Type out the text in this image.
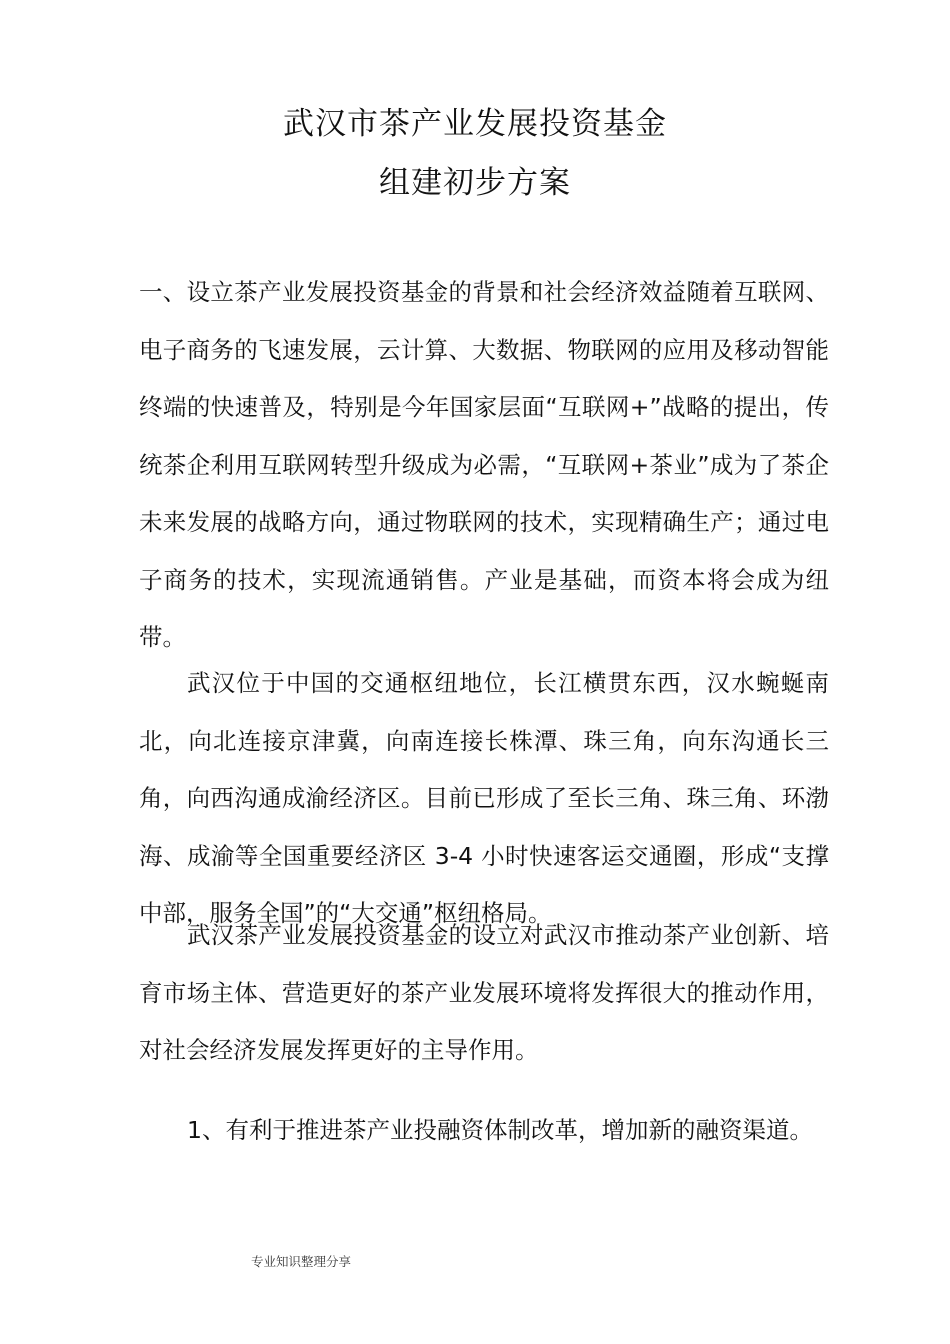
武汉市茶产业发展投资基金
组建初步方案

一、设立茶产业发展投资基金的背景和社会经济效益随着互联网、电子商务的飞速发展，云计算、大数据、物联网的应用及移动智能终端的快速普及，特别是今年国家层面“互联网+”战略的提出，传统茶企利用互联网转型升级成为必需，“互联网+茶业”成为了茶企未来发展的战略方向，通过物联网的技术，实现精确生产；通过电子商务的技术，实现流通销售。产业是基础，而资本将会成为纽带。

武汉位于中国的交通枢纽地位，长江横贯东西，汉水蜿蜒南北，向北连接京津冀，向南连接长株潭、珠三角，向东沟通长三角，向西沟通成渝经济区。目前已形成了至长三角、珠三角、环渤海、成渝等全国重要经济区 3-4 小时快速客运交通圈，形成“支撑中部，服务全国”的“大交通”枢纽格局。

武汉茶产业发展投资基金的设立对武汉市推动茶产业创新、培育市场主体、营造更好的茶产业发展环境将发挥很大的推动作用，对社会经济发展发挥更好的主导作用。

1、有利于推进茶产业投融资体制改革，增加新的融资渠道。

专业知识整理分享
